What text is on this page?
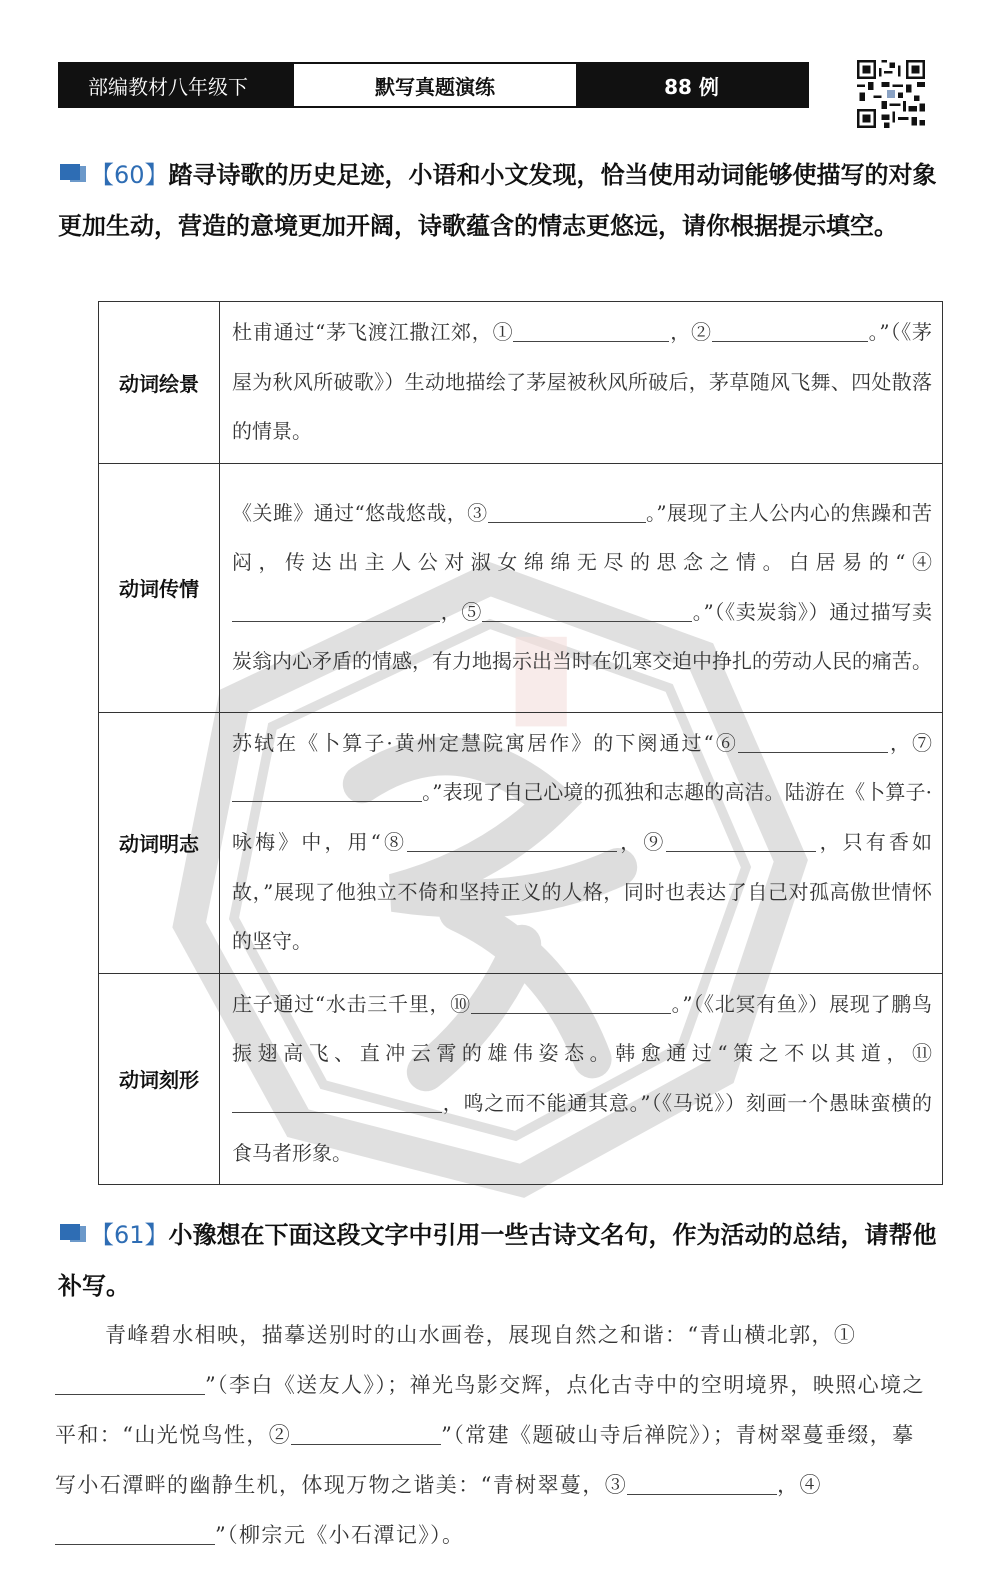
部编教材八年级下	默写真题演练	88 例
【60】踏寻诗歌的历史足迹，小语和小文发现，恰当使用动词能够使描写的对象更加生动，营造的意境更加开阔，诗歌蕴含的情志更悠远，请你根据提示填空。
动词绘景	杜甫通过“茅飞渡江撒江郊，① ，② 。”（《茅屋为秋风所破歌》）生动地描绘了茅屋被秋风所破后，茅草随风飞舞、四处散落的情景。
动词传情	《关雎》通过“悠哉悠哉，③ 。”展现了主人公内心的焦躁和苦闷，传达出主人公对淑女绵绵无尽的思念之情。白居易的“④，⑤ 。”（《卖炭翁》）通过描写卖炭翁内心矛盾的情感，有力地揭示出当时在饥寒交迫中挣扎的劳动人民的痛苦。
动词明志	苏轼在《卜算子·黄州定慧院寓居作》的下阕通过“⑥ ，⑦。”表现了自己心境的孤独和志趣的高洁。陆游在《卜算子·咏梅》中，用“⑧ ，⑨ ，只有香如故，”展现了他独立不倚和坚持正义的人格，同时也表达了自己对孤高傲世情怀的坚守。
动词刻形	庄子通过“水击三千里，⑩ 。”（《北冥有鱼》）展现了鹏鸟振翅高飞、直冲云霄的雄伟姿态。韩愈通过“策之不以其道，⑪，鸣之而不能通其意。”（《马说》）刻画一个愚昧蛮横的食马者形象。
【61】小豫想在下面这段文字中引用一些古诗文名句，作为活动的总结，请帮他补写。
青峰碧水相映，描摹送别时的山水画卷，展现自然之和谐：“青山横北郭，①”（李白《送友人》）；禅光鸟影交辉，点化古寺中的空明境界，映照心境之平和：“山光悦鸟性，②	”（常建《题破山寺后禅院》）；青树翠蔓垂缀，摹写小石潭畔的幽静生机，体现万物之谐美：“青树翠蔓，③	，④”（柳宗元《小石潭记》）。
